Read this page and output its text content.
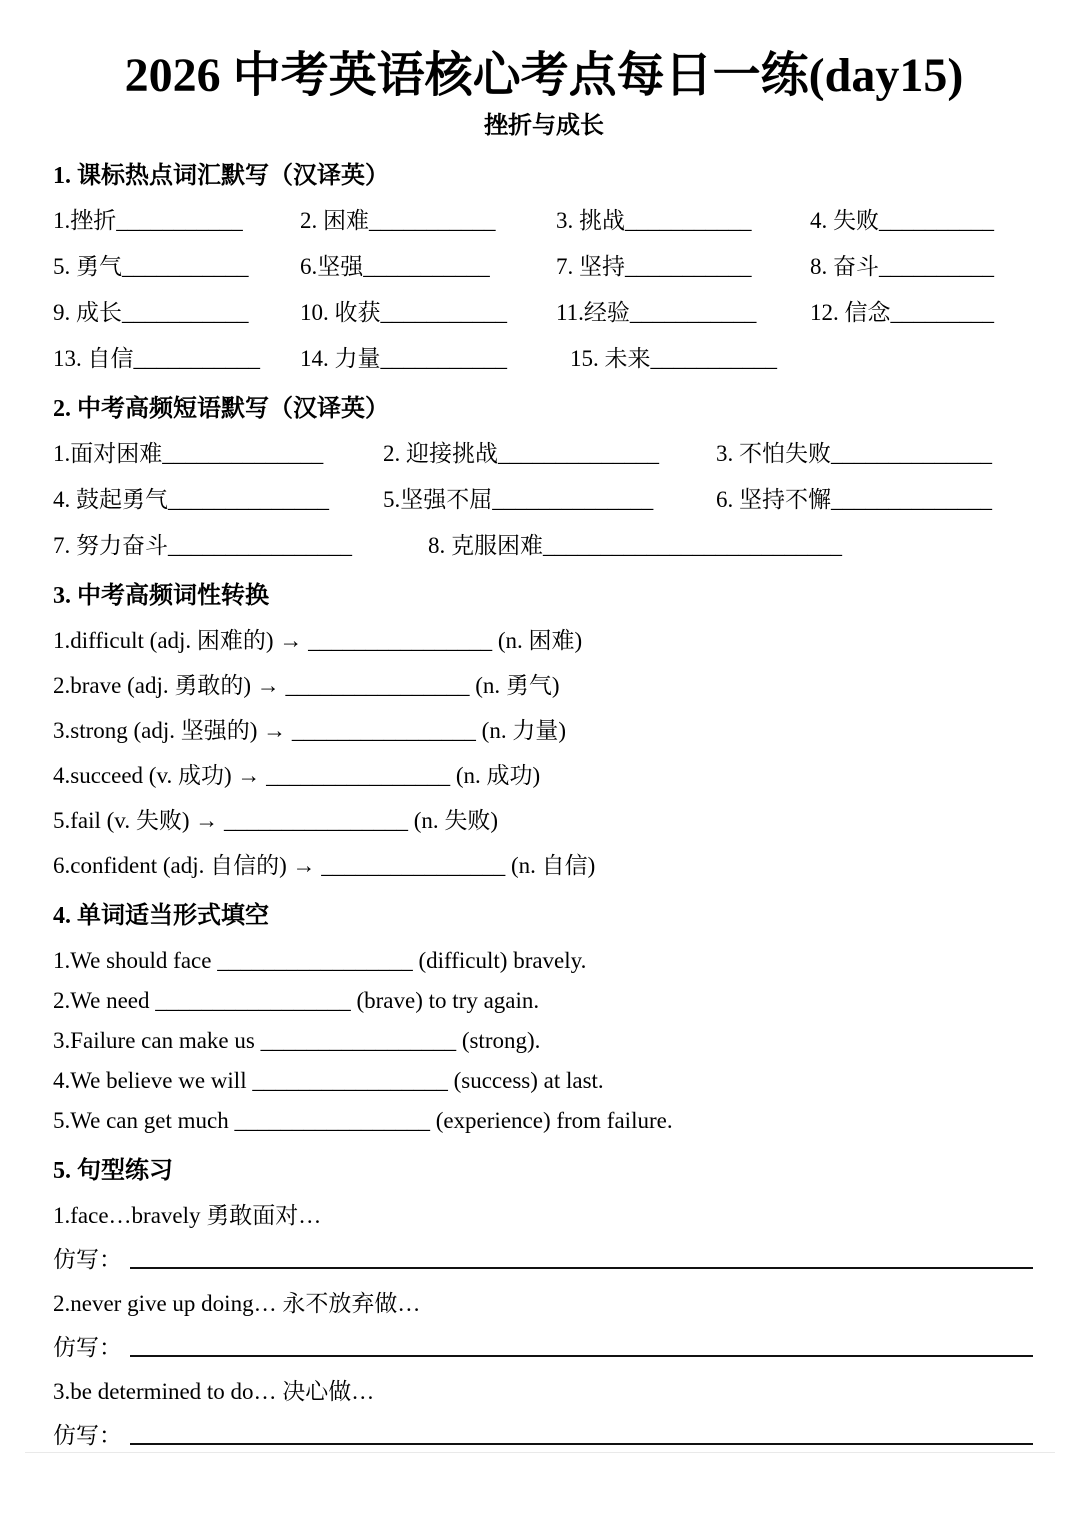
2026 中考英语核心考点每日一练(day15)
挫折与成长
1. 课标热点词汇默写（汉译英）
1.挫折___________	2. 困难___________	3. 挑战___________	4. 失败__________
5. 勇气___________	6.坚强___________	7. 坚持___________	8. 奋斗__________
9. 成长___________	10. 收获___________	11.经验___________	12. 信念_________
13. 自信___________	14. 力量___________	15. 未来___________
2. 中考高频短语默写（汉译英）
1.面对困难______________	2. 迎接挑战______________	3. 不怕失败______________
4. 鼓起勇气______________	5.坚强不屈______________	6. 坚持不懈______________
7. 努力奋斗________________	8. 克服困难__________________________
3. 中考高频词性转换
1.difficult (adj. 困难的) → ________________ (n. 困难)
2.brave (adj. 勇敢的) → ________________ (n. 勇气)
3.strong (adj. 坚强的) → ________________ (n. 力量)
4.succeed (v. 成功) → ________________ (n. 成功)
5.fail (v. 失败) → ________________ (n. 失败)
6.confident (adj. 自信的) → ________________ (n. 自信)
4. 单词适当形式填空
1.We should face _________________ (difficult) bravely.
2.We need _________________ (brave) to try again.
3.Failure can make us _________________ (strong).
4.We believe we will _________________ (success) at last.
5.We can get much _________________ (experience) from failure.
5. 句型练习
1.face…bravely 勇敢面对…
仿写：
2.never give up doing… 永不放弃做…
仿写：
3.be determined to do… 决心做…
仿写：
